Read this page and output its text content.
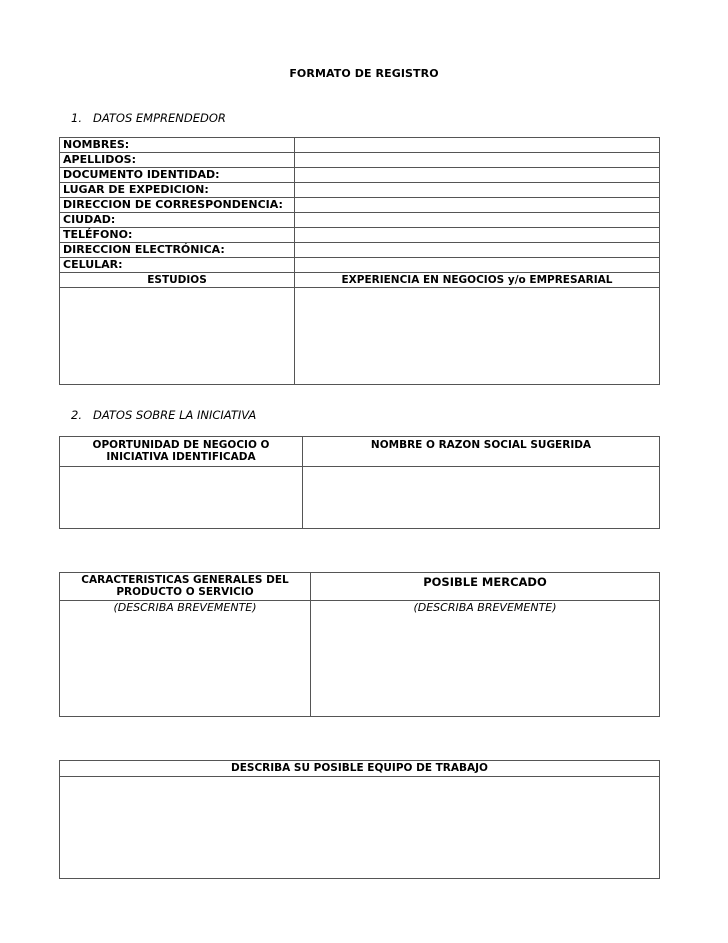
FORMATO DE REGISTRO
1. DATOS EMPRENDEDOR
NOMBRES:	
APELLIDOS:	
DOCUMENTO IDENTIDAD:	
LUGAR DE EXPEDICION:	
DIRECCION DE CORRESPONDENCIA:	
CIUDAD:	
TELÉFONO:	
DIRECCION ELECTRÓNICA:	
CELULAR:	
ESTUDIOS	EXPERIENCIA EN NEGOCIOS y/o EMPRESARIAL

2. DATOS SOBRE LA INICIATIVA
OPORTUNIDAD DE NEGOCIO O INICIATIVA IDENTIFICADA	NOMBRE O RAZON SOCIAL SUGERIDA

CARACTERISTICAS GENERALES DEL PRODUCTO O SERVICIO	POSIBLE MERCADO

(DESCRIBA BREVEMENTE)	(DESCRIBA BREVEMENTE)
DESCRIBA SU POSIBLE EQUIPO DE TRABAJO
